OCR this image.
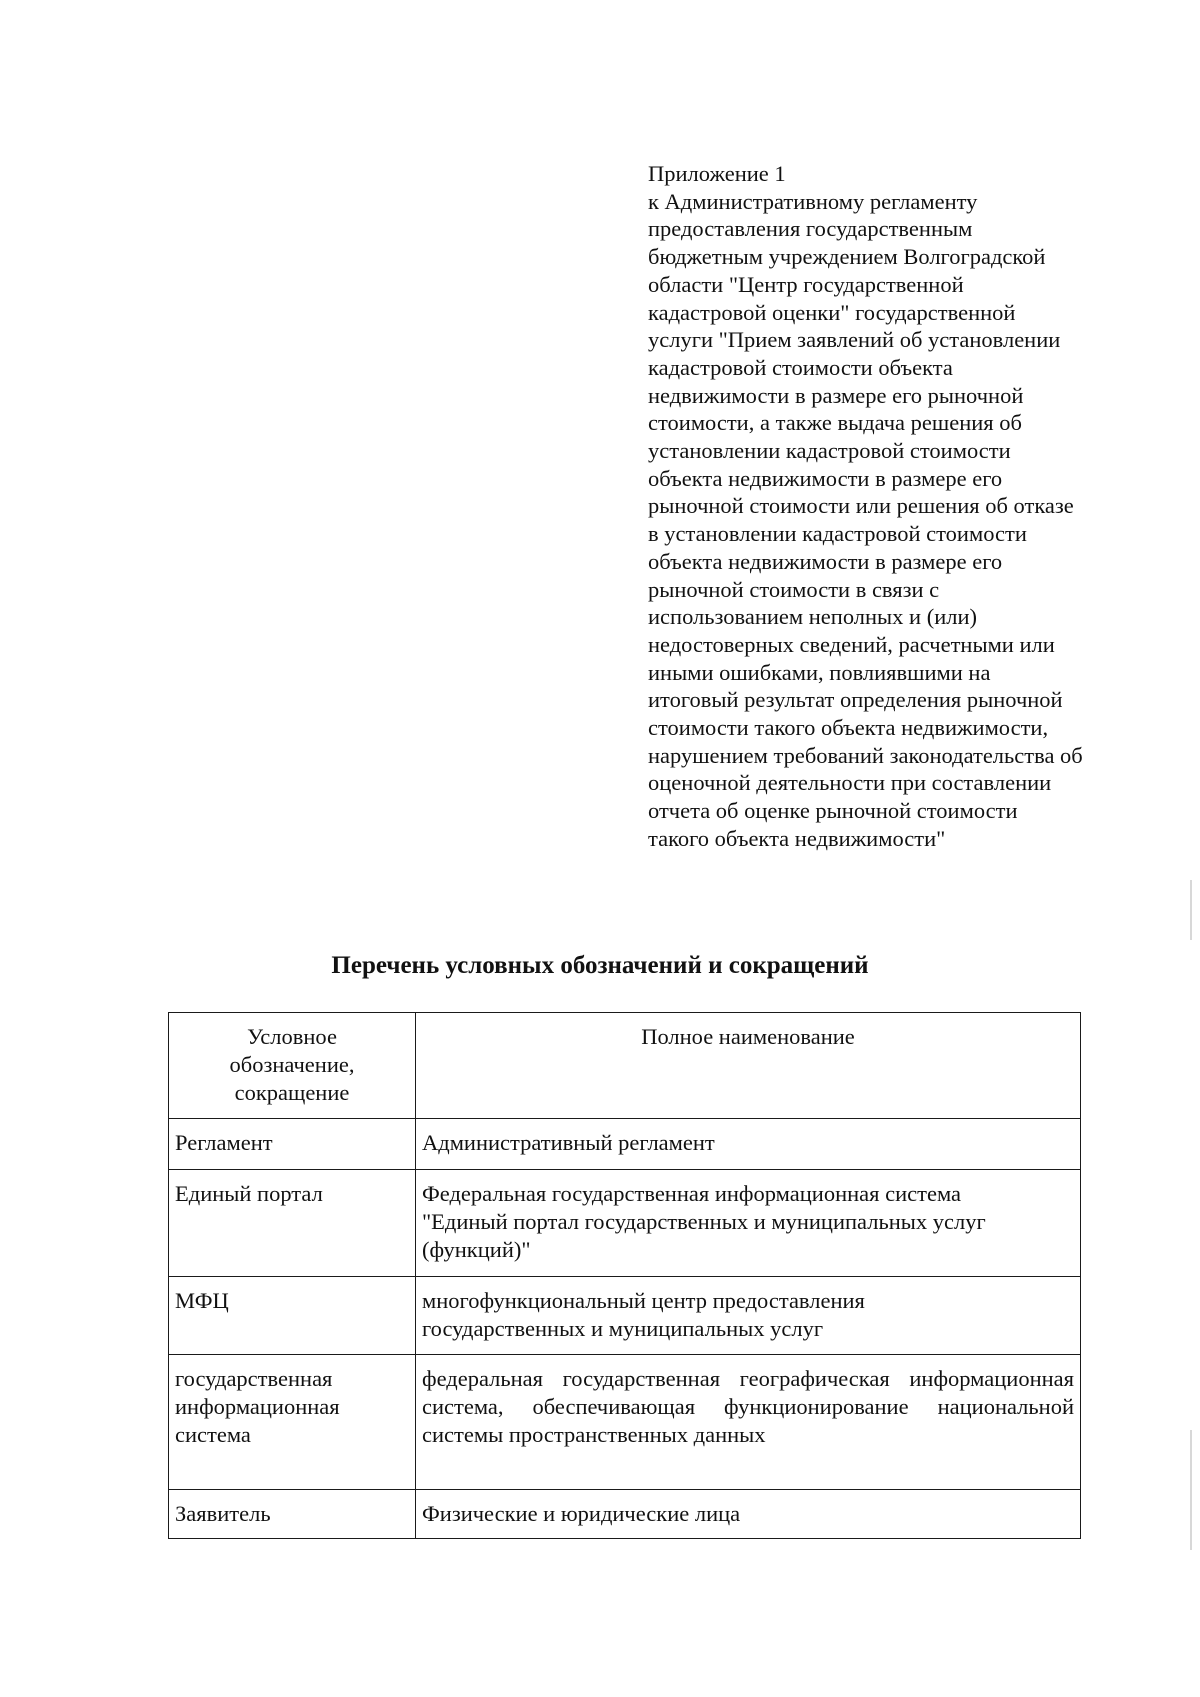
Приложение 1
к Административному регламенту
предоставления государственным
бюджетным учреждением Волгоградской
области "Центр государственной
кадастровой оценки" государственной
услуги "Прием заявлений об установлении
кадастровой стоимости объекта
недвижимости в размере его рыночной
стоимости, а также выдача решения об
установлении кадастровой стоимости
объекта недвижимости в размере его
рыночной стоимости или решения об отказе
в установлении кадастровой стоимости
объекта недвижимости в размере его
рыночной стоимости в связи с
использованием неполных и (или)
недостоверных сведений, расчетными или
иными ошибками, повлиявшими на
итоговый результат определения рыночной
стоимости такого объекта недвижимости,
нарушением требований законодательства об
оценочной деятельности при составлении
отчета об оценке рыночной стоимости
такого объекта недвижимости"
Перечень условных обозначений и сокращений
Условное
обозначение,
сокращение	Полное наименование
Регламент	Административный регламент
Единый портал	Федеральная государственная информационная система
"Единый портал государственных и муниципальных услуг
(функций)"

МФЦ	многофункциональный центр предоставления
государственных и муниципальных услуг

государственная
информационная
система	федеральная государственная географическая информационная система, обеспечивающая функционирование национальной системы пространственных данных
Заявитель	Физические и юридические лица
